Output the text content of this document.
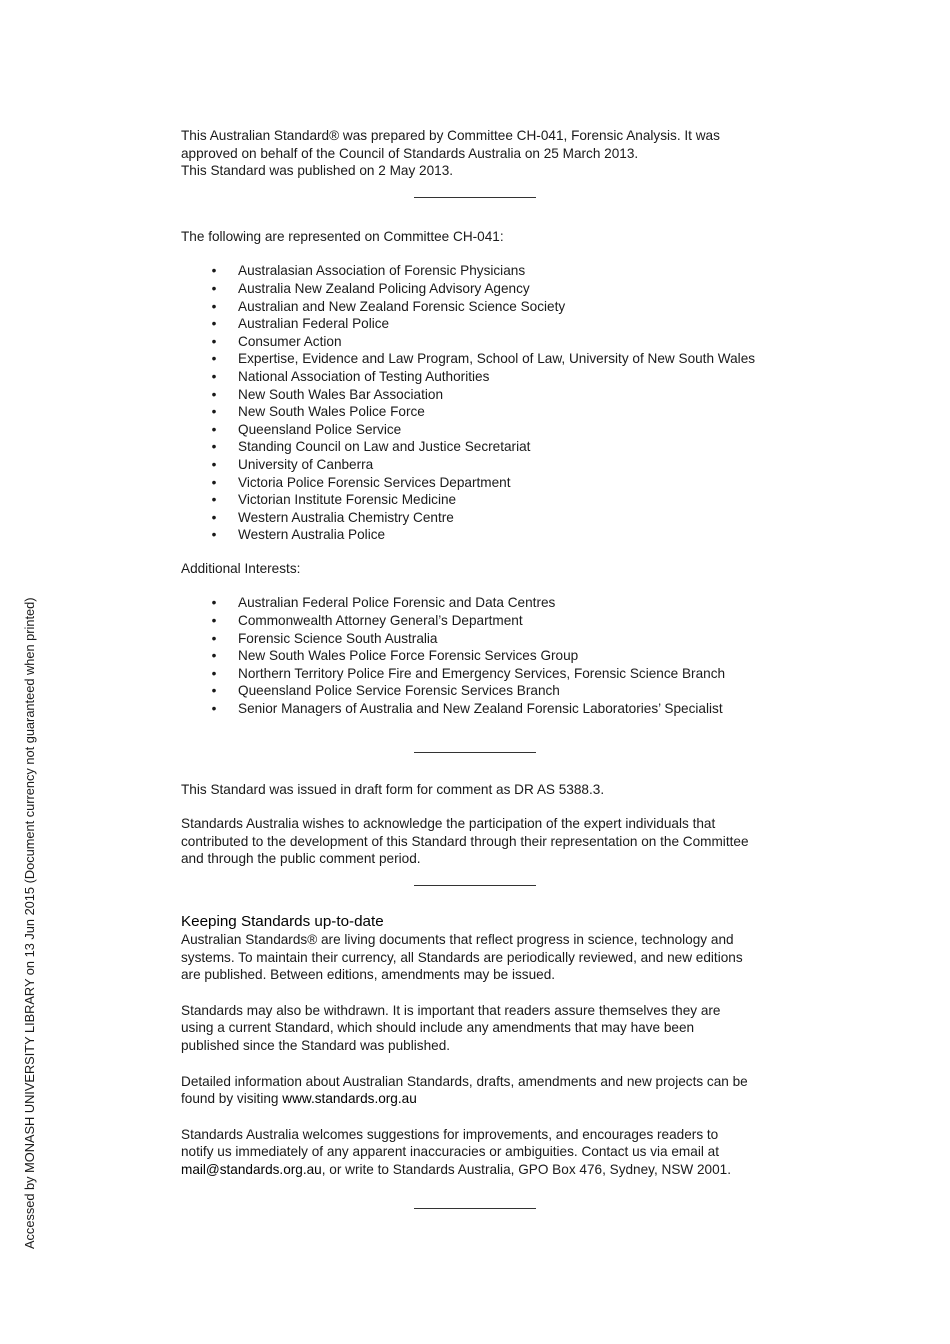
Accessed by MONASH UNIVERSITY LIBRARY on 13 Jun 2015 (Document currency not guaranteed when printed)

This Australian Standard® was prepared by Committee CH-041, Forensic Analysis. It was
approved on behalf of the Council of Standards Australia on 25 March 2013.
This Standard was published on 2 May 2013.

The following are represented on Committee CH-041:

• Australasian Association of Forensic Physicians
• Australia New Zealand Policing Advisory Agency
• Australian and New Zealand Forensic Science Society
• Australian Federal Police
• Consumer Action
• Expertise, Evidence and Law Program, School of Law, University of New South Wales
• National Association of Testing Authorities
• New South Wales Bar Association
• New South Wales Police Force
• Queensland Police Service
• Standing Council on Law and Justice Secretariat
• University of Canberra
• Victoria Police Forensic Services Department
• Victorian Institute Forensic Medicine
• Western Australia Chemistry Centre
• Western Australia Police

Additional Interests:

• Australian Federal Police Forensic and Data Centres
• Commonwealth Attorney General’s Department
• Forensic Science South Australia
• New South Wales Police Force Forensic Services Group
• Northern Territory Police Fire and Emergency Services, Forensic Science Branch
• Queensland Police Service Forensic Services Branch
• Senior Managers of Australia and New Zealand Forensic Laboratories’ Specialist

This Standard was issued in draft form for comment as DR AS 5388.3.

Standards Australia wishes to acknowledge the participation of the expert individuals that
contributed to the development of this Standard through their representation on the Committee
and through the public comment period.

Keeping Standards up-to-date

Australian Standards® are living documents that reflect progress in science, technology and
systems. To maintain their currency, all Standards are periodically reviewed, and new editions
are published. Between editions, amendments may be issued.

Standards may also be withdrawn. It is important that readers assure themselves they are
using a current Standard, which should include any amendments that may have been
published since the Standard was published.

Detailed information about Australian Standards, drafts, amendments and new projects can be
found by visiting www.standards.org.au

Standards Australia welcomes suggestions for improvements, and encourages readers to
notify us immediately of any apparent inaccuracies or ambiguities. Contact us via email at
mail@standards.org.au, or write to Standards Australia, GPO Box 476, Sydney, NSW 2001.
